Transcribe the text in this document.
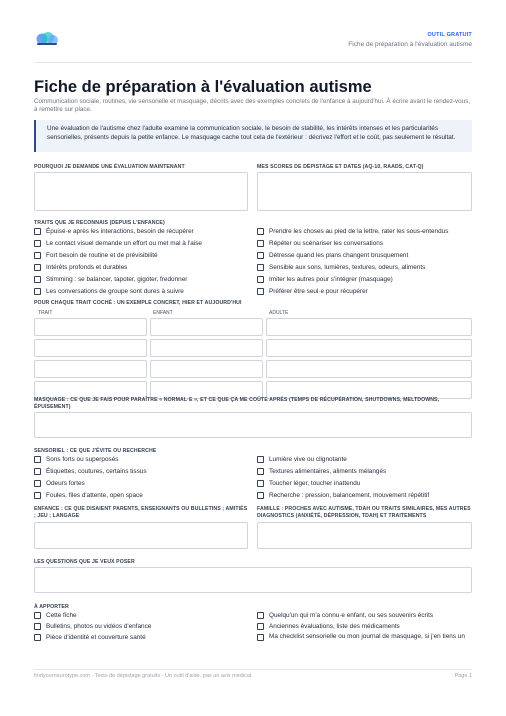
OUTIL GRATUIT
Fiche de préparation à l'évaluation autisme
Fiche de préparation à l'évaluation autisme
Communication sociale, routines, vie sensorielle et masquage, décrits avec des exemples concrets de l'enfance à aujourd'hui. À écrire avant le rendez-vous, à remettre sur place.
Une évaluation de l'autisme chez l'adulte examine la communication sociale, le besoin de stabilité, les intérêts intenses et les particularités sensorielles, présents depuis la petite enfance. Le masquage cache tout cela de l'extérieur : décrivez l'effort et le coût, pas seulement le résultat.
POURQUOI JE DEMANDE UNE ÉVALUATION MAINTENANT	MES SCORES DE DÉPISTAGE ET DATES (AQ-10, RAADS, CAT-Q)
TRAITS QUE JE RECONNAIS (DEPUIS L'ENFANCE)
Épuisé·e après les interactions, besoin de récupérer
Le contact visuel demande un effort ou met mal à l'aise
Fort besoin de routine et de prévisibilité
Intérêts profonds et durables
Stimming : se balancer, tapoter, gigoter, fredonner
Les conversations de groupe sont dures à suivre
Prendre les choses au pied de la lettre, rater les sous-entendus
Répéter ou scénariser les conversations
Détresse quand les plans changent brusquement
Sensible aux sons, lumières, textures, odeurs, aliments
Imiter les autres pour s'intégrer (masquage)
Préférer être seul·e pour récupérer
POUR CHAQUE TRAIT COCHÉ : UN EXEMPLE CONCRET, HIER ET AUJOURD'HUI
TRAIT	ENFANT	ADULTE
MASQUAGE : CE QUE JE FAIS POUR PARAÎTRE « NORMAL·E », ET CE QUE ÇA ME COÛTE APRÈS (TEMPS DE RÉCUPÉRATION, SHUTDOWNS, MELTDOWNS, ÉPUISEMENT)
SENSORIEL : CE QUE J'ÉVITE OU RECHERCHE
Sons forts ou superposés
Étiquettes, coutures, certains tissus
Odeurs fortes
Foules, files d'attente, open space
Lumière vive ou clignotante
Textures alimentaires, aliments mélangés
Toucher léger, toucher inattendu
Recherche : pression, balancement, mouvement répétitif
ENFANCE : CE QUE DISAIENT PARENTS, ENSEIGNANTS OU BULLETINS ; AMITIÉS ; JEU ; LANGAGE
FAMILLE : PROCHES AVEC AUTISME, TDAH OU TRAITS SIMILAIRES, MES AUTRES DIAGNOSTICS (ANXIÉTÉ, DÉPRESSION, TDAH) ET TRAITEMENTS
LES QUESTIONS QUE JE VEUX POSER
À APPORTER
Cette fiche
Bulletins, photos ou vidéos d'enfance
Pièce d'identité et couverture santé
Quelqu'un qui m'a connu·e enfant, ou ses souvenirs écrits
Anciennes évaluations, liste des médicaments
Ma checklist sensorielle ou mon journal de masquage, si j'en tiens un
findyourneurotype.com · Tests de dépistage gratuits · Un outil d'aide, pas un avis médical.	Page 1
